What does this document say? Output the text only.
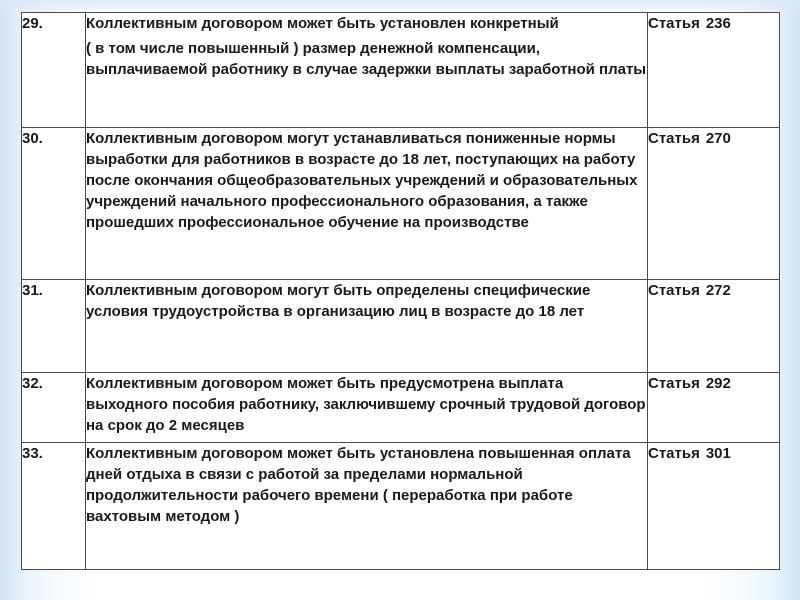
29.	Коллективным договором может быть установлен конкретный
( в том числе повышенный ) размер денежной компенсации, выплачиваемой работнику в случае задержки выплаты заработной платы	Статья 236
30.	Коллективным договором могут устанавливаться пониженные нормы выработки для работников в возрасте до 18 лет, поступающих на работу после окончания общеобразовательных учреждений и образовательных учреждений начального профессионального образования, а также прошедших профессиональное обучение на производстве	Статья 270
31.	Коллективным договором могут быть определены специфические условия трудоустройства в организацию лиц в возрасте до 18 лет	Статья 272
32.	Коллективным договором может быть предусмотрена выплата выходного пособия работнику, заключившему срочный трудовой договор на срок до 2 месяцев	Статья 292
33.	Коллективным договором может быть установлена повышенная оплата дней отдыха в связи с работой за пределами нормальной продолжительности рабочего времени ( переработка при работе вахтовым методом )	Статья 301
